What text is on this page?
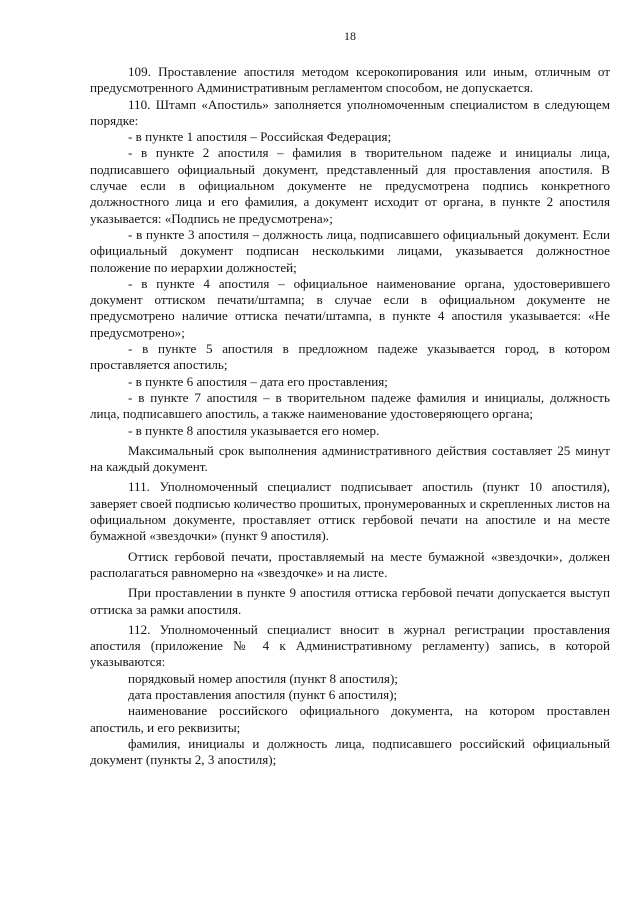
18

109. Проставление апостиля методом ксерокопирования или иным, отличным от предусмотренного Административным регламентом способом, не допускается.

110. Штамп «Апостиль» заполняется уполномоченным специалистом в следующем порядке:

- в пункте 1 апостиля – Российская Федерация;

- в пункте 2 апостиля – фамилия в творительном падеже и инициалы лица, подписавшего официальный документ, представленный для проставления апостиля. В случае если в официальном документе не предусмотрена подпись конкретного должностного лица и его фамилия, а документ исходит от органа, в пункте 2 апостиля указывается: «Подпись не предусмотрена»;

- в пункте 3 апостиля – должность лица, подписавшего официальный документ. Если официальный документ подписан несколькими лицами, указывается должностное положение по иерархии должностей;

- в пункте 4 апостиля – официальное наименование органа, удостоверившего документ оттиском печати/штампа; в случае если в официальном документе не предусмотрено наличие оттиска печати/штампа, в пункте 4 апостиля указывается: «Не предусмотрено»;

- в пункте 5 апостиля в предложном падеже указывается город, в котором проставляется апостиль;

- в пункте 6 апостиля – дата его проставления;

- в пункте 7 апостиля – в творительном падеже фамилия и инициалы, должность лица, подписавшего апостиль, а также наименование удостоверяющего органа;

- в пункте 8 апостиля указывается его номер.

Максимальный срок выполнения административного действия составляет 25 минут на каждый документ.

111. Уполномоченный специалист подписывает апостиль (пункт 10 апостиля), заверяет своей подписью количество прошитых, пронумерованных и скрепленных листов на официальном документе, проставляет оттиск гербовой печати на апостиле и на месте бумажной «звездочки» (пункт 9 апостиля).

Оттиск гербовой печати, проставляемый на месте бумажной «звездочки», должен располагаться равномерно на «звездочке» и на листе.

При проставлении в пункте 9 апостиля оттиска гербовой печати допускается выступ оттиска за рамки апостиля.

112. Уполномоченный специалист вносит в журнал регистрации проставления апостиля (приложение № 4 к Административному регламенту) запись, в которой указываются:

порядковый номер апостиля (пункт 8 апостиля);

дата проставления апостиля (пункт 6 апостиля);

наименование российского официального документа, на котором проставлен апостиль, и его реквизиты;

фамилия, инициалы и должность лица, подписавшего российский официальный документ (пункты 2, 3 апостиля);
